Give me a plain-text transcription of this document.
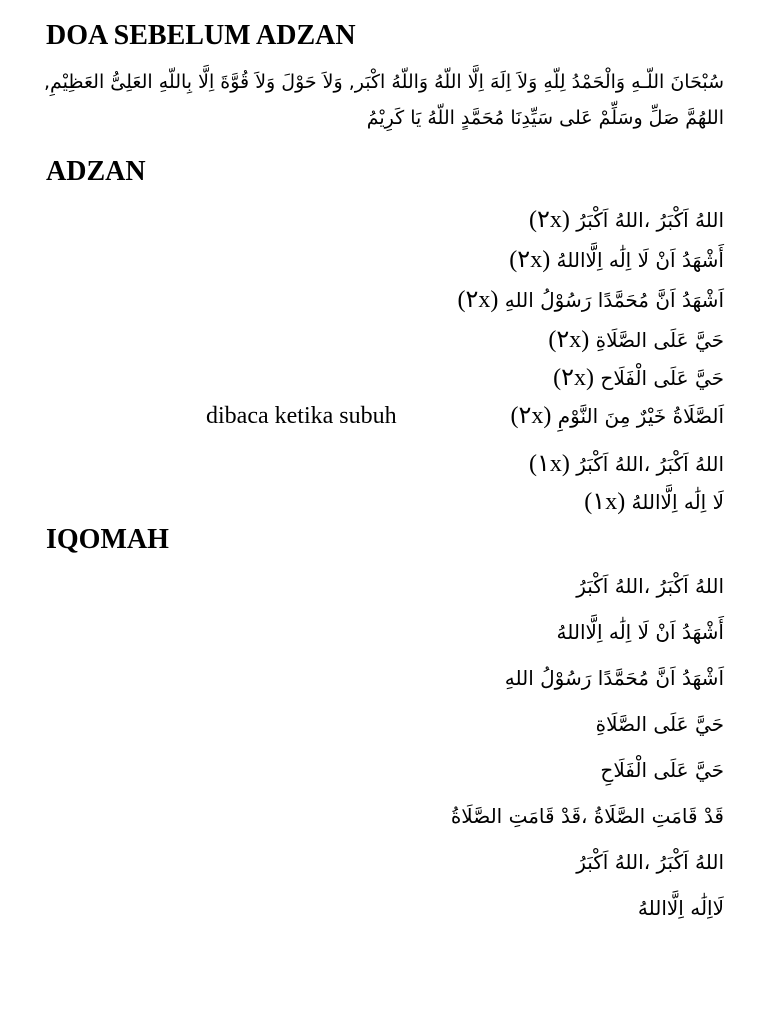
DOA SEBELUM ADZAN
سُبْحَانَ اللّـهِ وَالْحَمْدُ لِلّهِ وَلاَ اِلَهَ اِلَّا اللّهُ وَاللّهُ اكْبَر, وَلاَ حَوْلَ وَلاَ قُوَّةَ اِلَّا بِاللّهِ العَلِىُّ العَظِيْمِ, اللهُمَّ صَلِّ وسَلِّمْ عَلى سَيِّدِنَا مُحَمَّدٍ اللّهُ يَا كَرِيْمُ
ADZAN
اللهُ اَكْبَرُ ،اللهُ اَكْبَرُ (٢x)
أَشْهَدُ اَنْ لَا اِلَٰه اِلَّااللهُ (٢x)
اَشْهَدُ اَنَّ مُحَمَّدًا رَسُوْلُ اللهِ (٢x)
حَيَّ عَلَى الصَّلَاةِ (٢x)
حَيَّ عَلَى الْفَلَاح (٢x)
اَلصَّلَاةُ خَيْرٌ مِنَ النَّوْمِ (٢x)
dibaca ketika subuh
اللهُ اَكْبَرُ ،اللهُ اَكْبَرُ (١x)
لَا اِلَٰه اِلَّااللهُ (١x)
IQOMAH
اللهُ اَكْبَرُ ،اللهُ اَكْبَرُ
أَشْهَدُ اَنْ لَا اِلَٰه اِلَّااللهُ
اَشْهَدُ اَنَّ مُحَمَّدًا رَسُوْلُ اللهِ
حَيَّ عَلَى الصَّلَاةِ
حَيَّ عَلَى الْفَلَاحِ
قَدْ قَامَتِ الصَّلَاةُ ،قَدْ قَامَتِ الصَّلَاةُ
اللهُ اَكْبَرُ ،اللهُ اَكْبَرُ
لَااِلَٰه اِلَّااللهُ
